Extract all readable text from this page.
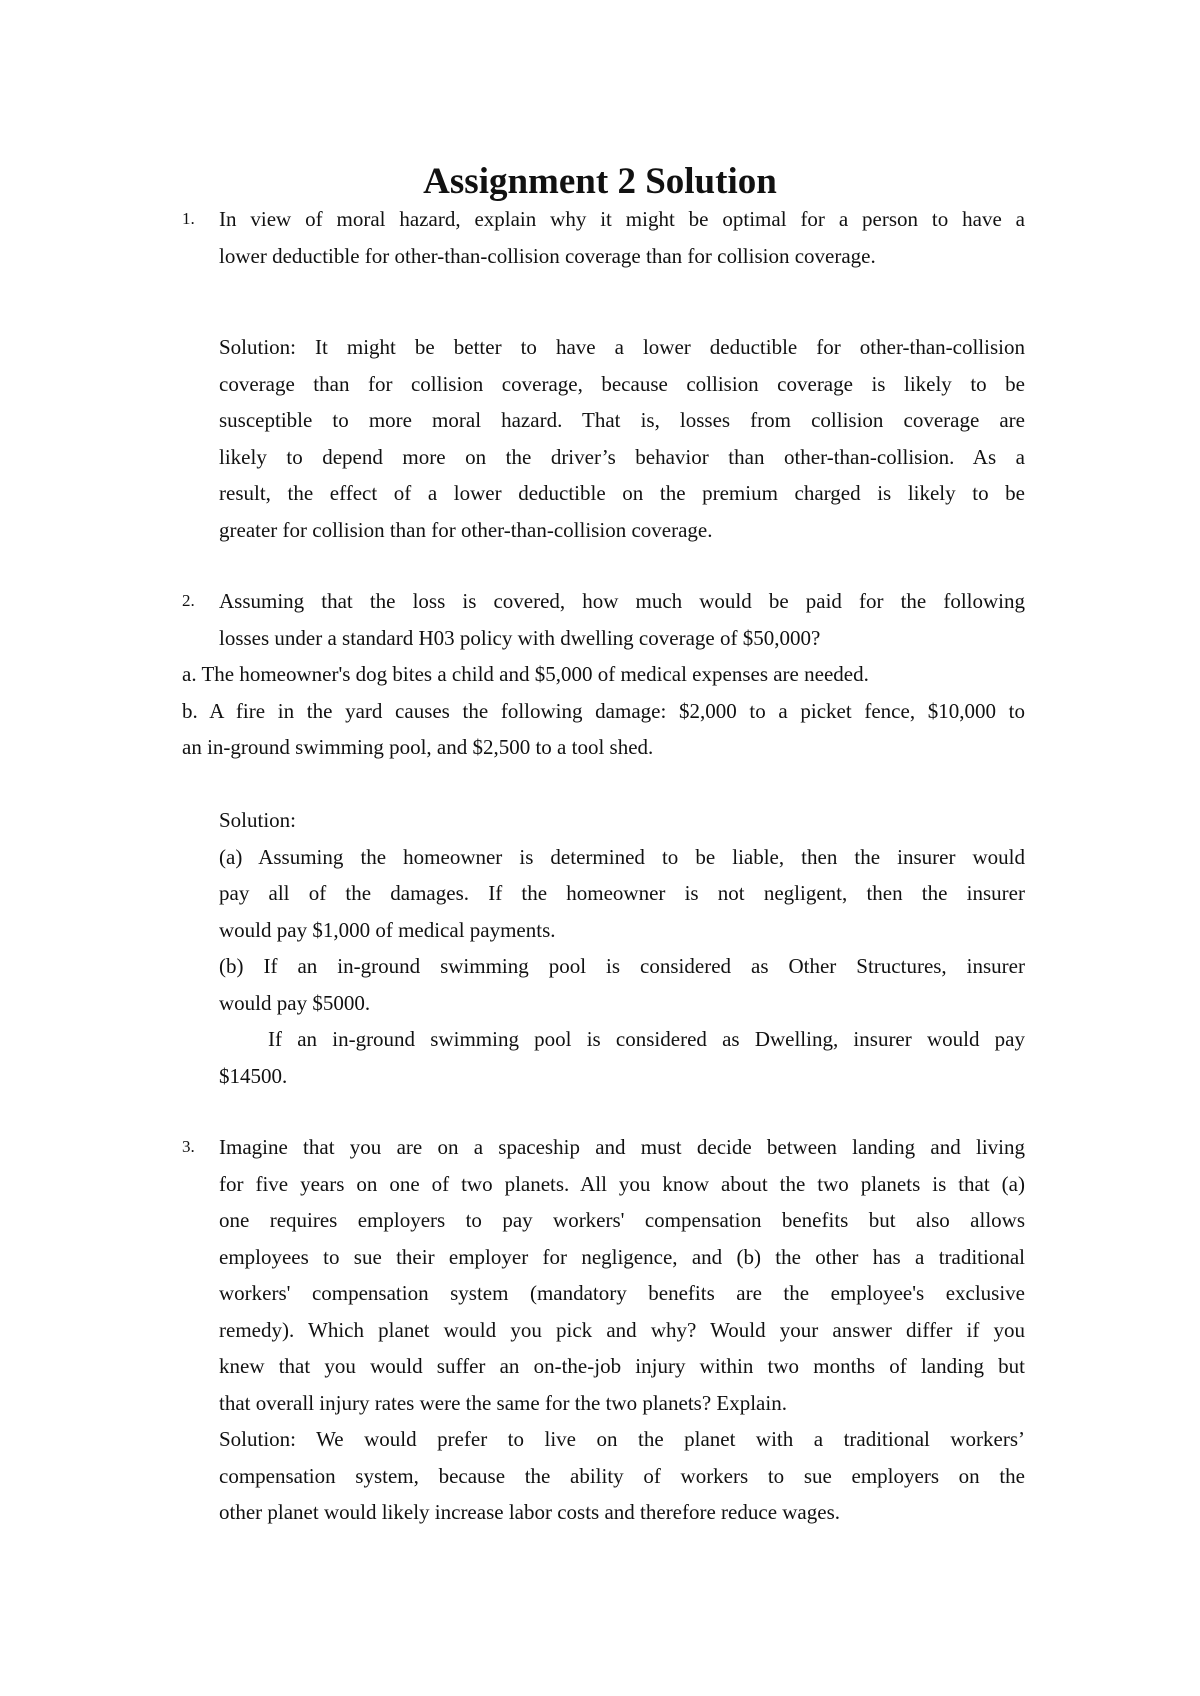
Assignment 2 Solution
1. In view of moral hazard, explain why it might be optimal for a person to have a
lower deductible for other-than-collision coverage than for collision coverage.
Solution: It might be better to have a lower deductible for other-than-collision
coverage than for collision coverage, because collision coverage is likely to be
susceptible to more moral hazard. That is, losses from collision coverage are
likely to depend more on the driver’s behavior than other-than-collision. As a
result, the effect of a lower deductible on the premium charged is likely to be
greater for collision than for other-than-collision coverage.
2. Assuming that the loss is covered, how much would be paid for the following
losses under a standard H03 policy with dwelling coverage of $50,000?
a. The homeowner's dog bites a child and $5,000 of medical expenses are needed.
b. A fire in the yard causes the following damage: $2,000 to a picket fence, $10,000 to
an in-ground swimming pool, and $2,500 to a tool shed.
Solution:
(a) Assuming the homeowner is determined to be liable, then the insurer would
pay all of the damages. If the homeowner is not negligent, then the insurer
would pay $1,000 of medical payments.
(b) If an in-ground swimming pool is considered as Other Structures, insurer
would pay $5000.
If an in-ground swimming pool is considered as Dwelling, insurer would pay
$14500.
3. Imagine that you are on a spaceship and must decide between landing and living
for five years on one of two planets. All you know about the two planets is that (a)
one requires employers to pay workers' compensation benefits but also allows
employees to sue their employer for negligence, and (b) the other has a traditional
workers' compensation system (mandatory benefits are the employee's exclusive
remedy). Which planet would you pick and why? Would your answer differ if you
knew that you would suffer an on-the-job injury within two months of landing but
that overall injury rates were the same for the two planets? Explain.
Solution: We would prefer to live on the planet with a traditional workers’
compensation system, because the ability of workers to sue employers on the
other planet would likely increase labor costs and therefore reduce wages.
